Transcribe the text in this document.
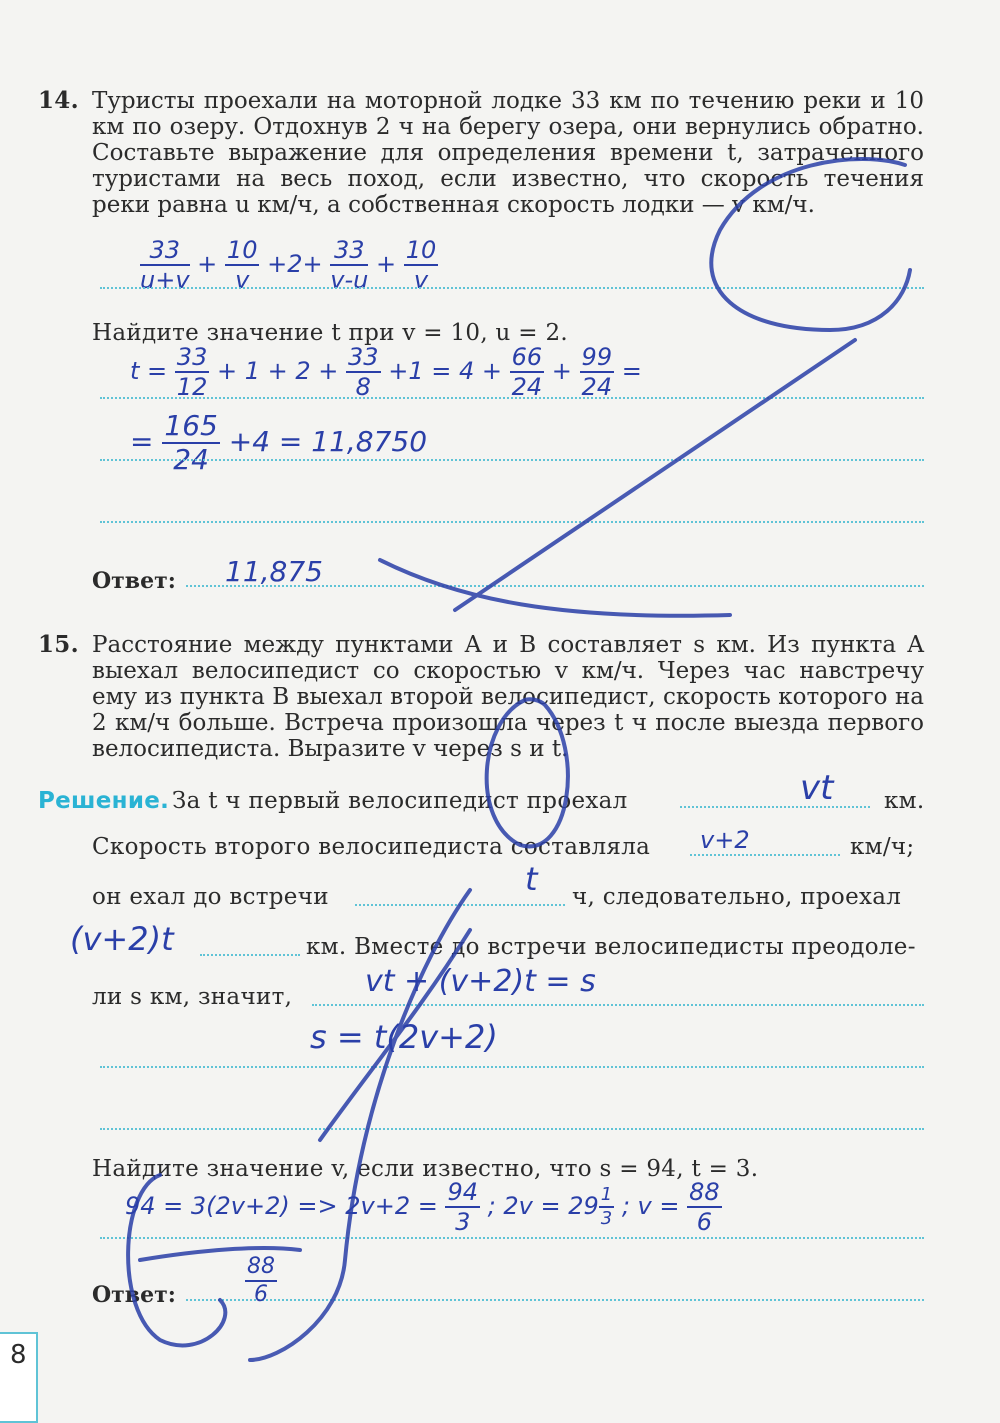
14. Туристы проехали на моторной лодке 33 км по течению реки и 10 км по озеру. Отдохнув 2 ч на берегу озера, они вернулись обратно. Составьте выражение для определения времени t, затраченного туристами на весь поход, если известно, что скорость течения реки равна u км/ч, а собственная скорость лодки — v км/ч.
$\frac{33}{u+v} + \frac{10}{v} +2+ \frac{33}{v-u} + \frac{10}{v}$
Найдите значение t при v = 10, u = 2.
$t = \frac{33}{12} + 1 + 2 + \frac{33}{8} +1 = 4 + \frac{66}{24} + \frac{99}{24}$ =
= $\frac{165}{24} +4 = 11,8750$
Ответ: 11,875
15. Расстояние между пунктами A и B составляет s км. Из пункта A выехал велосипедист со скоростью v км/ч. Через час навстречу ему из пункта B выехал второй велосипедист, скорость которого на 2 км/ч больше. Встреча произошла через t ч после выезда первого велосипедиста. Выразите v через s и t.
Решение. За t ч первый велосипедист проехал	vt км.
Скорость второго велосипедиста составляла v+2	км/ч;
он ехал до встречи	t ч, следовательно, проехал
(v+2)t	км. Вместе до встречи велосипедисты преодоле-
ли s км, значит, vt + (v+2)t = s
s = t(2v+2)
Найдите значение v, если известно, что s = 94, t = 3.
$94 = 3(2v+2) => 2v+2 = \frac{94}{3}$ ; $2v = 29 \frac{1}{3}$ ; $v = \frac{88}{6}$
Ответ:	$\frac{88}{6}$
8
